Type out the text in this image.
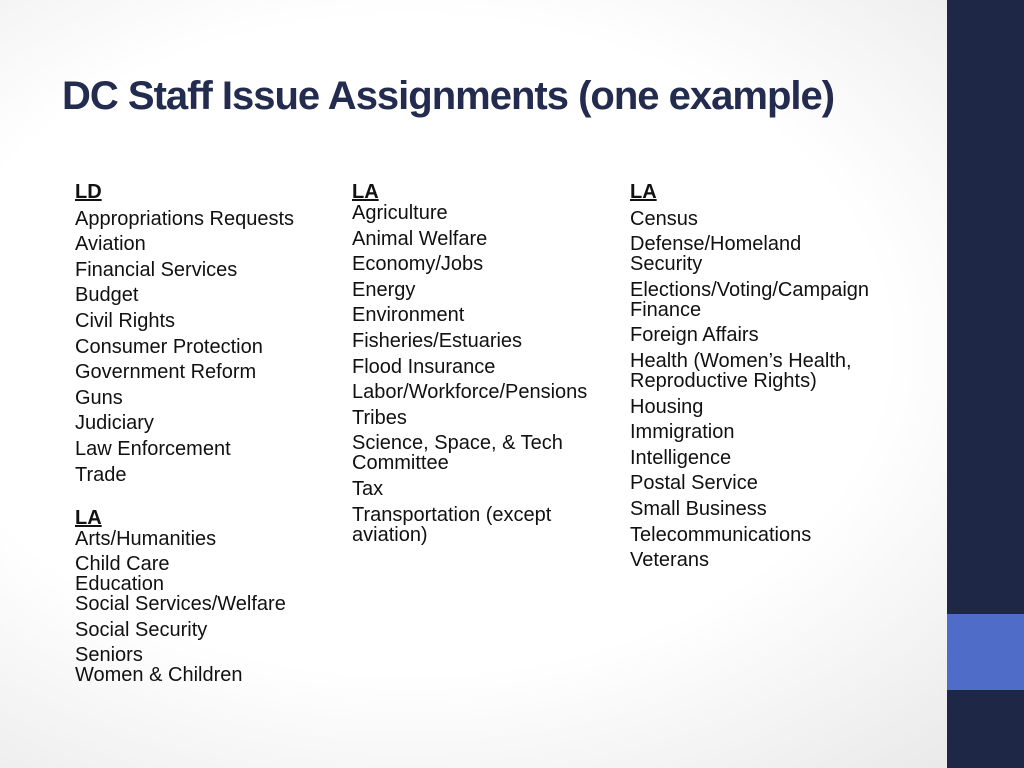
DC Staff Issue Assignments (one example)
LD
Appropriations Requests
Aviation
Financial Services
Budget
Civil Rights
Consumer Protection
Government Reform
Guns
Judiciary
Law Enforcement
Trade
LA
Arts/Humanities
Child Care
Education
Social Services/Welfare
Social Security
Seniors
Women & Children
LA
Agriculture
Animal Welfare
Economy/Jobs
Energy
Environment
Fisheries/Estuaries
Flood Insurance
Labor/Workforce/Pensions
Tribes
Science, Space, & Tech
Committee
Tax
Transportation (except
aviation)
LA
Census
Defense/Homeland
Security
Elections/Voting/Campaign
Finance
Foreign Affairs
Health (Women’s Health,
Reproductive Rights)
Housing
Immigration
Intelligence
Postal Service
Small Business
Telecommunications
Veterans
